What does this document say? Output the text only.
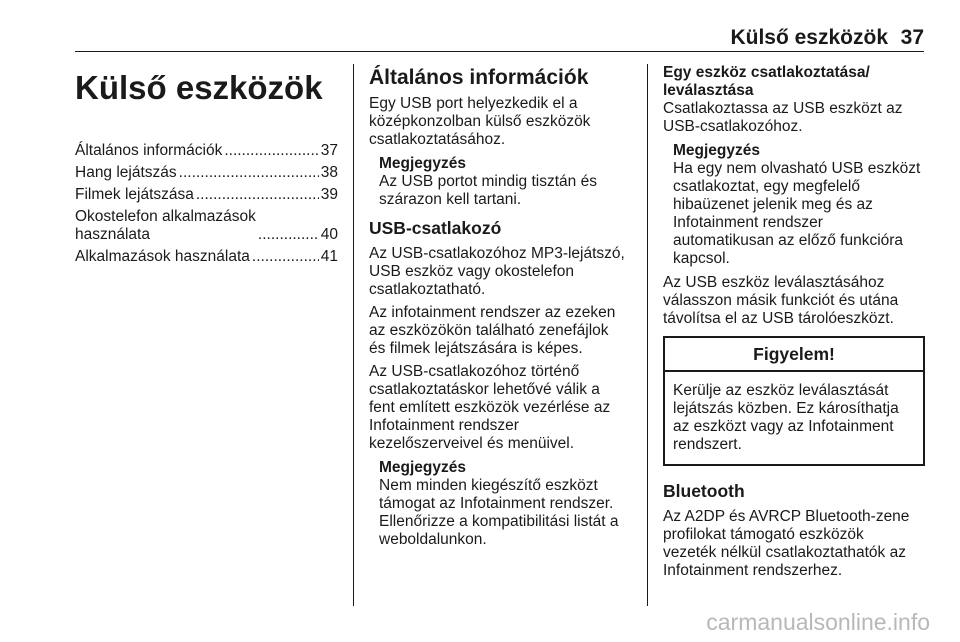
Külső eszközök 37
Külső eszközök
Általános információk .....	37
Hang lejátszás .....	38
Filmek lejátszása .....	39
Okostelefon alkalmazások
használata .....	40
Alkalmazások használata .....	41
Általános információk
Egy USB port helyezkedik el a
középkonzolban külső eszközök
csatlakoztatásához.
Megjegyzés
Az USB portot mindig tisztán és
szárazon kell tartani.
USB-csatlakozó
Az USB-csatlakozóhoz MP3-lejátszó,
USB eszköz vagy okostelefon
csatlakoztatható.
Az infotainment rendszer az ezeken
az eszközökön található zenefájlok
és filmek lejátszására is képes.
Az USB-csatlakozóhoz történő
csatlakoztatáskor lehetővé válik a
fent említett eszközök vezérlése az
Infotainment rendszer
kezelőszerveivel és menüivel.
Megjegyzés
Nem minden kiegészítő eszközt
támogat az Infotainment rendszer.
Ellenőrizze a kompatibilitási listát a
weboldalunkon.
Egy eszköz csatlakoztatása/
leválasztása
Csatlakoztassa az USB eszközt az
USB-csatlakozóhoz.
Megjegyzés
Ha egy nem olvasható USB eszközt
csatlakoztat, egy megfelelő
hibaüzenet jelenik meg és az
Infotainment rendszer
automatikusan az előző funkcióra
kapcsol.
Az USB eszköz leválasztásához
válasszon másik funkciót és utána
távolítsa el az USB tárolóeszközt.
Figyelem!
Kerülje az eszköz leválasztását
lejátszás közben. Ez károsíthatja
az eszközt vagy az Infotainment
rendszert.
Bluetooth
Az A2DP és AVRCP Bluetooth-zene
profilokat támogató eszközök
vezeték nélkül csatlakoztathatók az
Infotainment rendszerhez.
carmanualsonline.info
